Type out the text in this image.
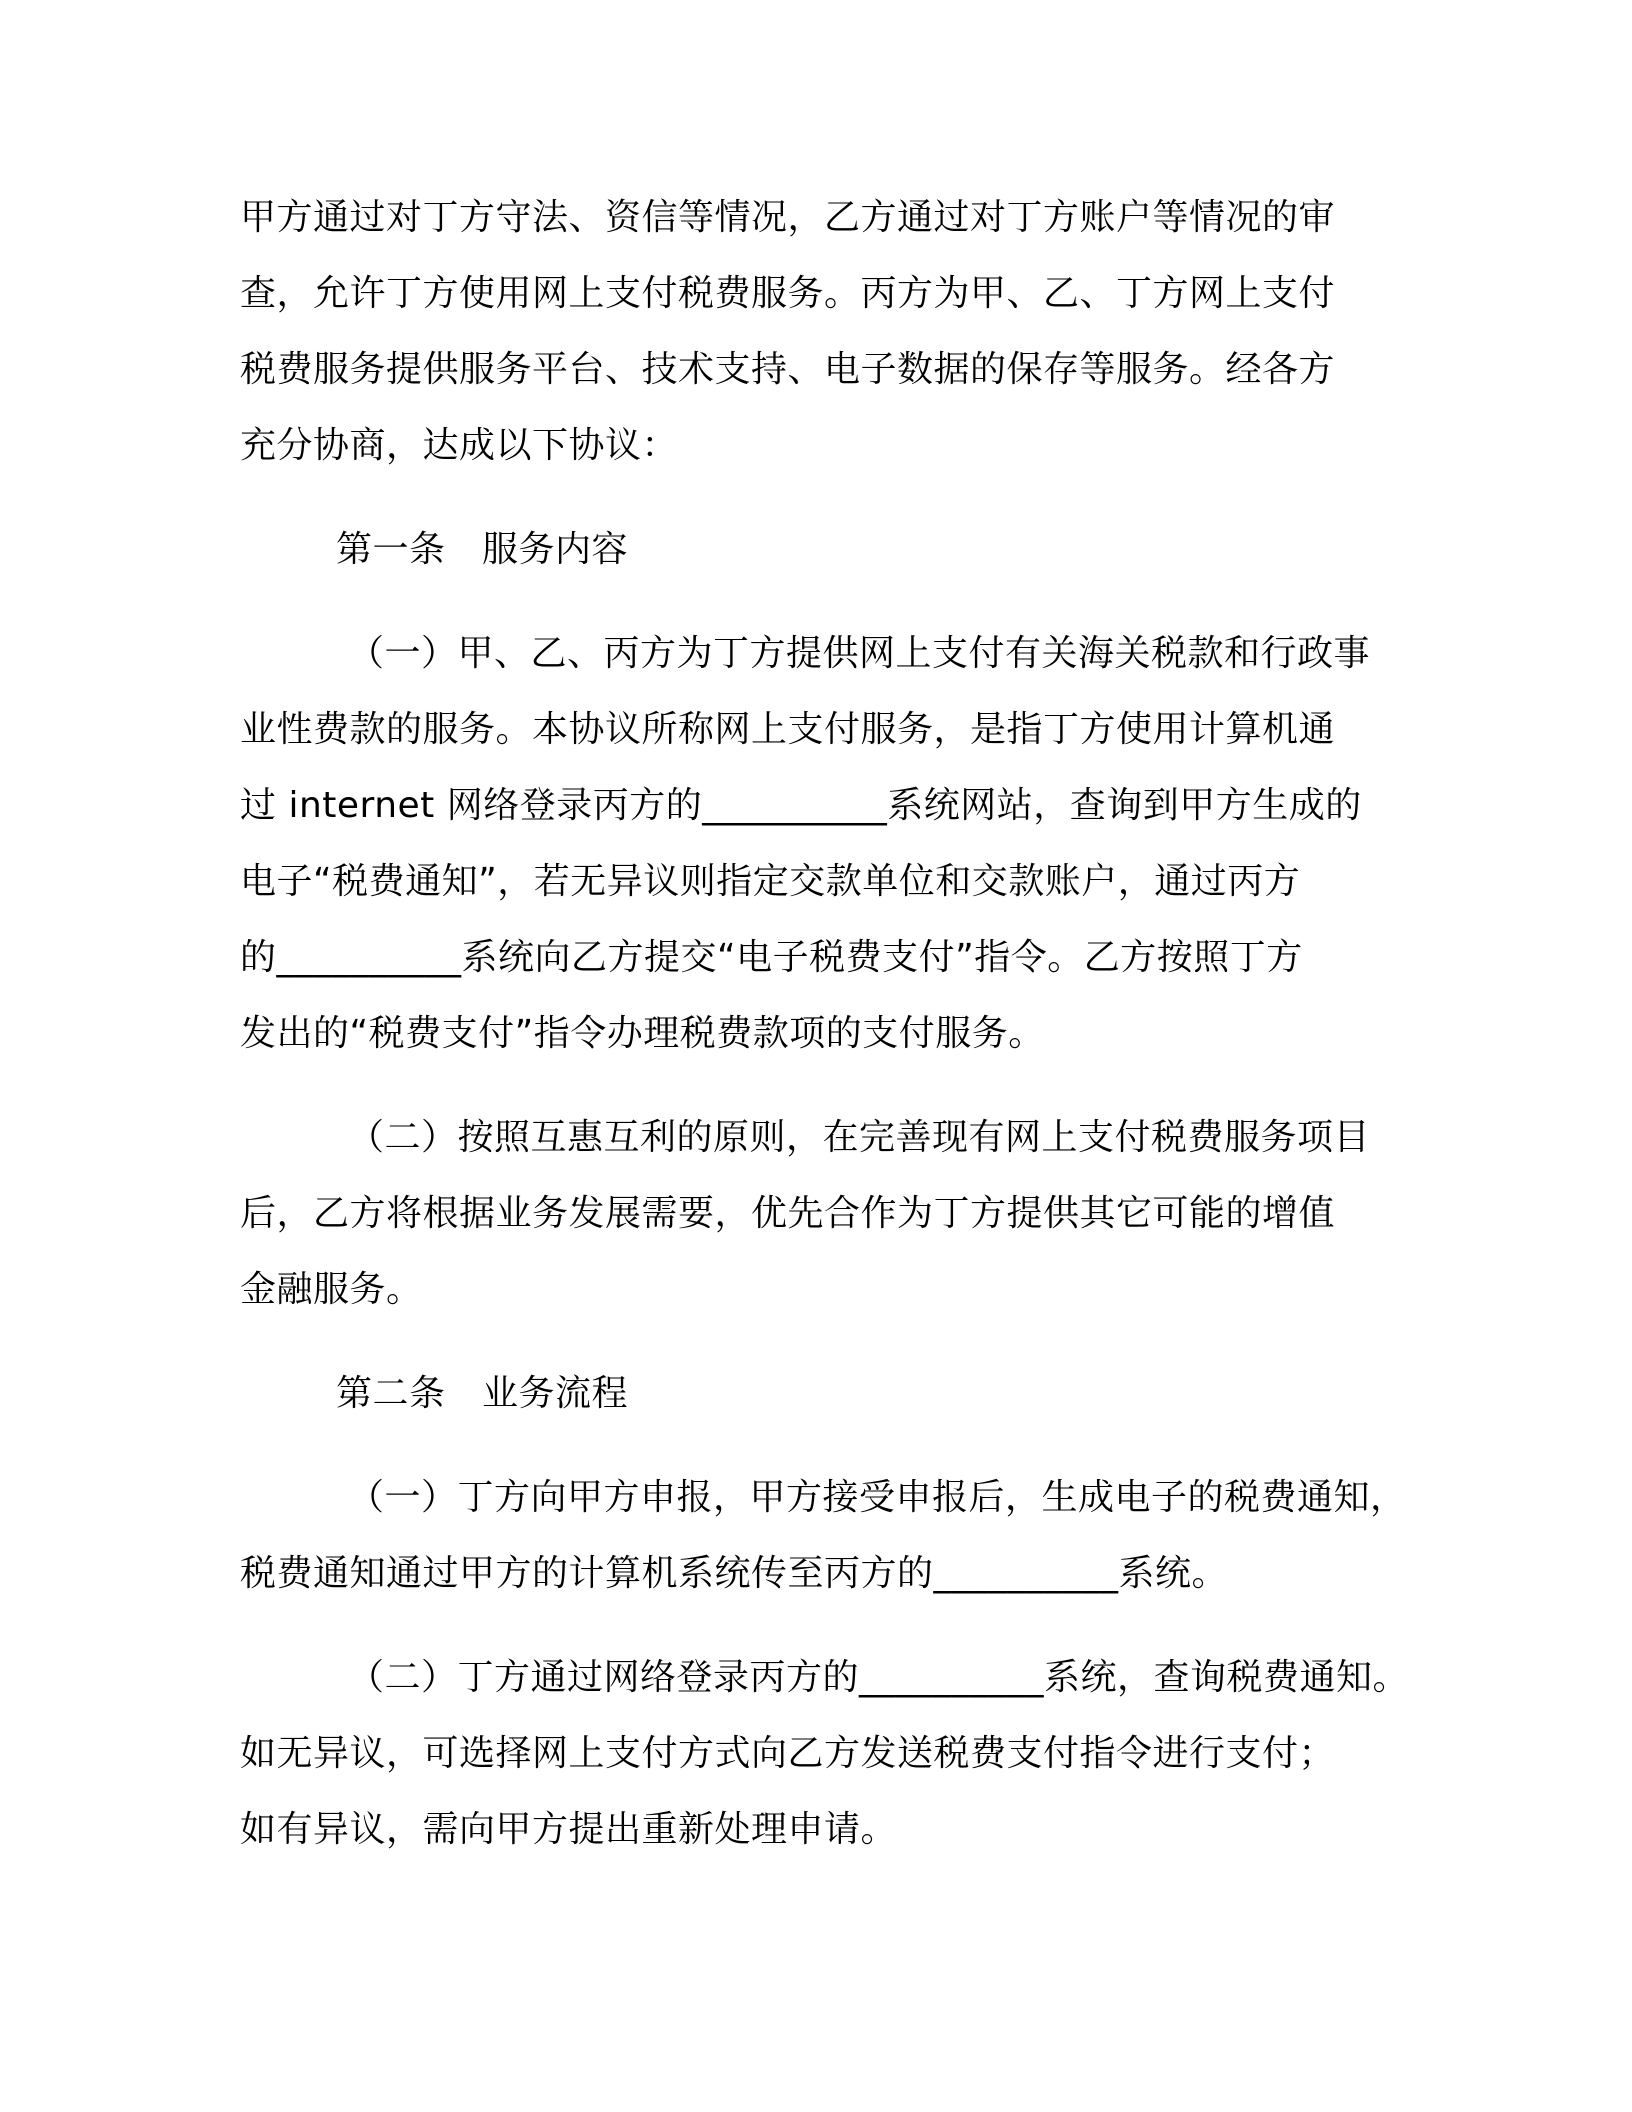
甲方通过对丁方守法、资信等情况，乙方通过对丁方账户等情况的审
查，允许丁方使用网上支付税费服务。丙方为甲、乙、丁方网上支付
税费服务提供服务平台、技术支持、电子数据的保存等服务。经各方
充分协商，达成以下协议：
第一条　服务内容
（一）甲、乙、丙方为丁方提供网上支付有关海关税款和行政事
业性费款的服务。本协议所称网上支付服务，是指丁方使用计算机通
过 internet 网络登录丙方的__________系统网站，查询到甲方生成的
电子“税费通知”，若无异议则指定交款单位和交款账户，通过丙方
的__________系统向乙方提交“电子税费支付”指令。乙方按照丁方
发出的“税费支付”指令办理税费款项的支付服务。
（二）按照互惠互利的原则，在完善现有网上支付税费服务项目
后，乙方将根据业务发展需要，优先合作为丁方提供其它可能的增值
金融服务。
第二条　业务流程
（一）丁方向甲方申报，甲方接受申报后，生成电子的税费通知，
税费通知通过甲方的计算机系统传至丙方的__________系统。
（二）丁方通过网络登录丙方的__________系统，查询税费通知。
如无异议，可选择网上支付方式向乙方发送税费支付指令进行支付；
如有异议，需向甲方提出重新处理申请。
